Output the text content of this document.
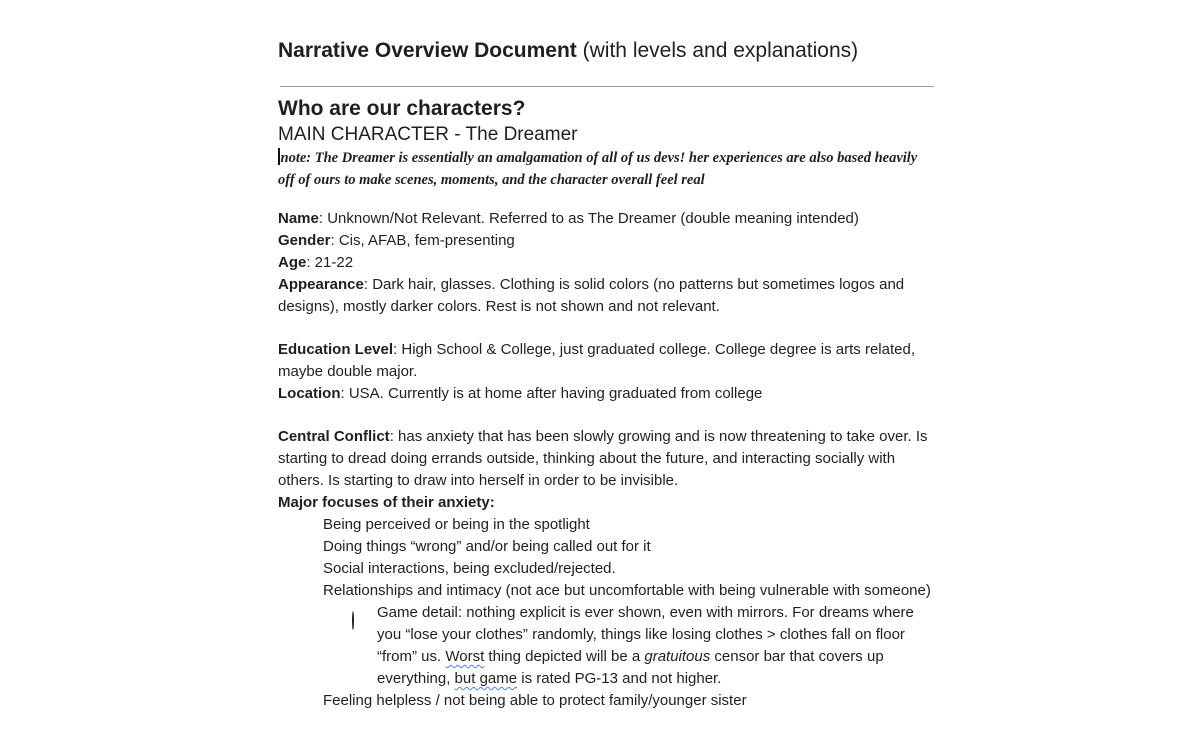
Narrative Overview Document (with levels and explanations)
Who are our characters?
MAIN CHARACTER - The Dreamer

note: The Dreamer is essentially an amalgamation of all of us devs! her experiences are also based heavily off of ours to make scenes, moments, and the character overall feel real

Name: Unknown/Not Relevant. Referred to as The Dreamer (double meaning intended)

Gender: Cis, AFAB, fem-presenting

Age: 21-22

Appearance: Dark hair, glasses. Clothing is solid colors (no patterns but sometimes logos and designs), mostly darker colors. Rest is not shown and not relevant.

Education Level: High School & College, just graduated college. College degree is arts related, maybe double major.

Location: USA. Currently is at home after having graduated from college

Central Conflict: has anxiety that has been slowly growing and is now threatening to take over. Is starting to dread doing errands outside, thinking about the future, and interacting socially with others. Is starting to draw into herself in order to be invisible.

Major focuses of their anxiety:

Being perceived or being in the spotlight

Doing things “wrong” and/or being called out for it

Social interactions, being excluded/rejected.

Relationships and intimacy (not ace but uncomfortable with being vulnerable with someone)

Game detail: nothing explicit is ever shown, even with mirrors. For dreams where you “lose your clothes” randomly, things like losing clothes > clothes fall on floor “from” us. Worst thing depicted will be a gratuitous censor bar that covers up everything, but game is rated PG-13 and not higher.

Feeling helpless / not being able to protect family/younger sister
